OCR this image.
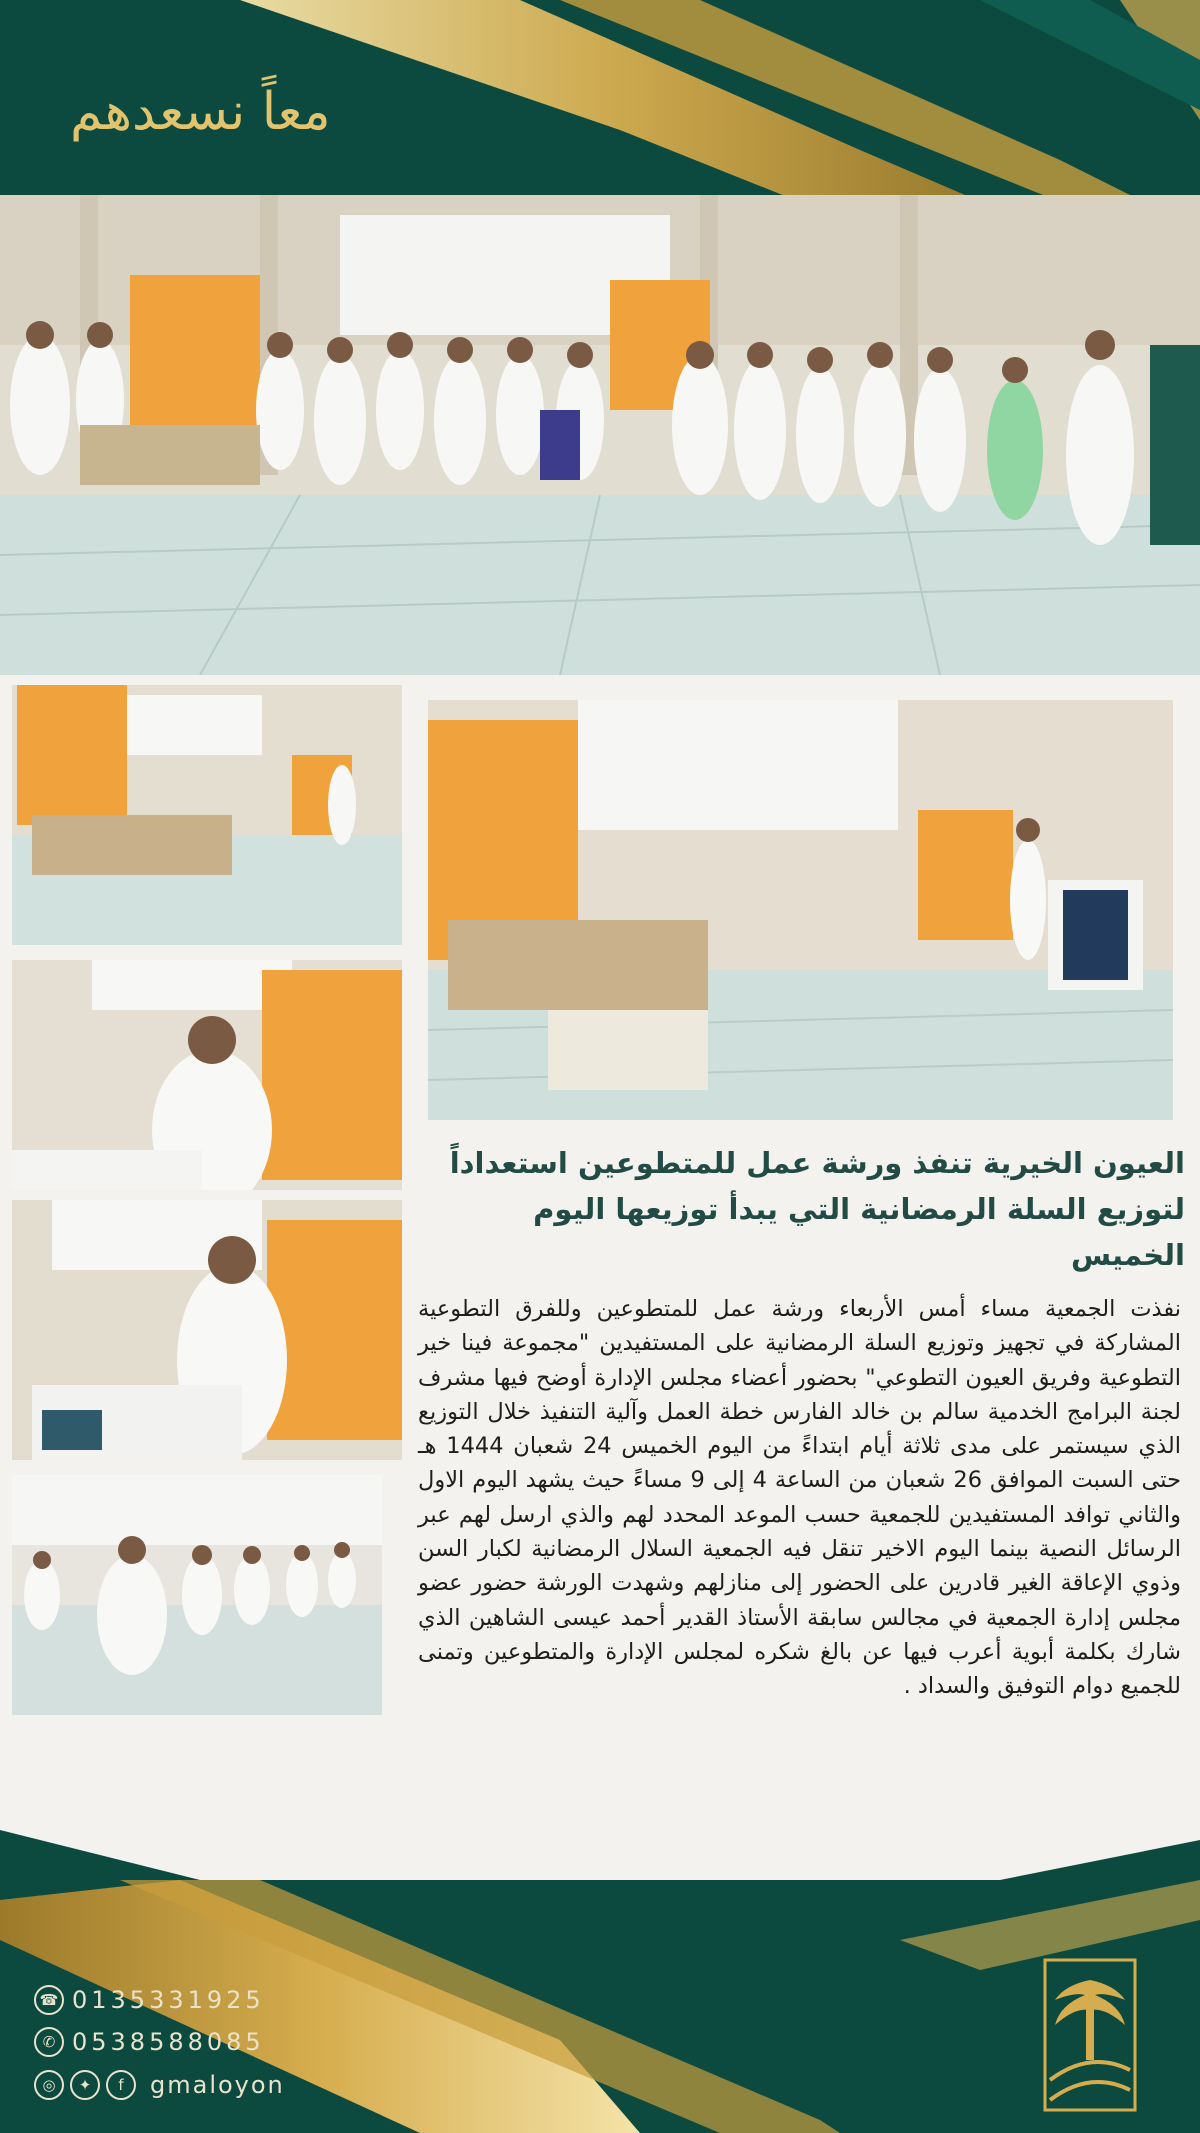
معاً نسعدهم
العيون الخيرية تنفذ ورشة عمل للمتطوعين استعداداً لتوزيع السلة الرمضانية التي يبدأ توزيعها اليوم الخميس

نفذت الجمعية مساء أمس الأربعاء ورشة عمل للمتطوعين وللفرق التطوعية المشاركة في تجهيز وتوزيع السلة الرمضانية على المستفيدين "مجموعة فينا خير التطوعية وفريق العيون التطوعي" بحضور أعضاء مجلس الإدارة أوضح فيها مشرف لجنة البرامج الخدمية سالم بن خالد الفارس خطة العمل وآلية التنفيذ خلال التوزيع الذي سيستمر على مدى ثلاثة أيام ابتداءً من اليوم الخميس 24 شعبان 1444 هـ حتى السبت الموافق 26 شعبان من الساعة 4 إلى 9 مساءً حيث يشهد اليوم الاول والثاني توافد المستفيدين للجمعية حسب الموعد المحدد لهم والذي ارسل لهم عبر الرسائل النصية بينما اليوم الاخير تنقل فيه الجمعية السلال الرمضانية لكبار السن وذوي الإعاقة الغير قادرين على الحضور إلى منازلهم وشهدت الورشة حضور عضو مجلس إدارة الجمعية في مجالس سابقة الأستاذ القدير أحمد عيسى الشاهين الذي شارك بكلمة أبوية أعرب فيها عن بالغ شكره لمجلس الإدارة والمتطوعين وتمنى للجميع دوام التوفيق والسداد .

☎ 0135331925
✆ 0538588085
◎	✦	f	gmaloyon
